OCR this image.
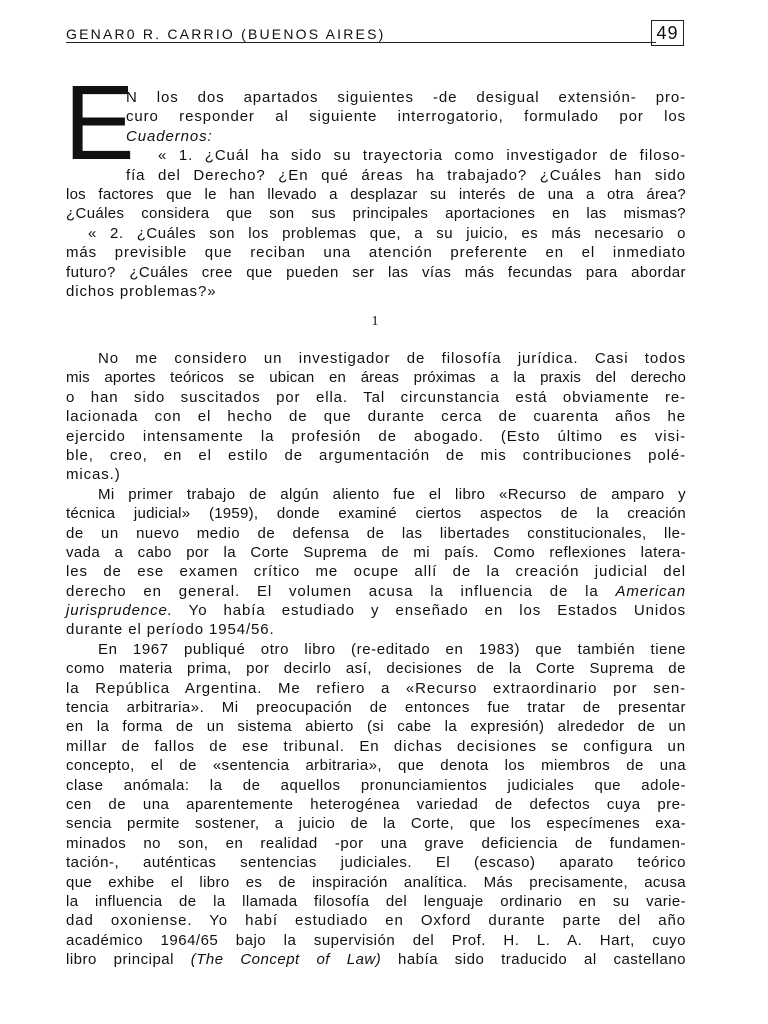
GENAR0 R. CARRIO (BUENOS AIRES)	49
E
N los dos apartados siguientes -de desigual extensión- pro-
curo responder al siguiente interrogatorio, formulado por los
Cuadernos:
« 1. ¿Cuál ha sido su trayectoria como investigador de filoso-
fía del Derecho? ¿En qué áreas ha trabajado? ¿Cuáles han sido
los factores que le han llevado a desplazar su interés de una a otra área?
¿Cuáles considera que son sus principales aportaciones en las mismas?
« 2. ¿Cuáles son los problemas que, a su juicio, es más necesario o
más previsible que reciban una atención preferente en el inmediato
futuro? ¿Cuáles cree que pueden ser las vías más fecundas para abordar
dichos problemas?»
1
No me considero un investigador de filosofía jurídica. Casi todos
mis aportes teóricos se ubican en áreas próximas a la praxis del derecho
o han sido suscitados por ella. Tal circunstancia está obviamente re-
lacionada con el hecho de que durante cerca de cuarenta años he
ejercido intensamente la profesión de abogado. (Esto último es visi-
ble, creo, en el estilo de argumentación de mis contribuciones polé-
micas.)
Mi primer trabajo de algún aliento fue el libro «Recurso de amparo y
técnica judicial» (1959), donde examiné ciertos aspectos de la creación
de un nuevo medio de defensa de las libertades constitucionales, lle-
vada a cabo por la Corte Suprema de mi país. Como reflexiones latera-
les de ese examen crítico me ocupe allí de la creación judicial del
derecho en general. El volumen acusa la influencia de la American
jurisprudence. Yo había estudiado y enseñado en los Estados Unidos
durante el período 1954/56.
En 1967 publiqué otro libro (re-editado en 1983) que también tiene
como materia prima, por decirlo así, decisiones de la Corte Suprema de
la República Argentina. Me refiero a «Recurso extraordinario por sen-
tencia arbitraria». Mi preocupación de entonces fue tratar de presentar
en la forma de un sistema abierto (si cabe la expresión) alrededor de un
millar de fallos de ese tribunal. En dichas decisiones se configura un
concepto, el de «sentencia arbitraria», que denota los miembros de una
clase anómala: la de aquellos pronunciamientos judiciales que adole-
cen de una aparentemente heterogénea variedad de defectos cuya pre-
sencia permite sostener, a juicio de la Corte, que los especímenes exa-
minados no son, en realidad -por una grave deficiencia de fundamen-
tación-, auténticas sentencias judiciales. El (escaso) aparato teórico
que exhibe el libro es de inspiración analítica. Más precisamente, acusa
la influencia de la llamada filosofía del lenguaje ordinario en su varie-
dad oxoniense. Yo habí estudiado en Oxford durante parte del año
académico 1964/65 bajo la supervisión del Prof. H. L. A. Hart, cuyo
libro principal (The Concept of Law) había sido traducido al castellano
